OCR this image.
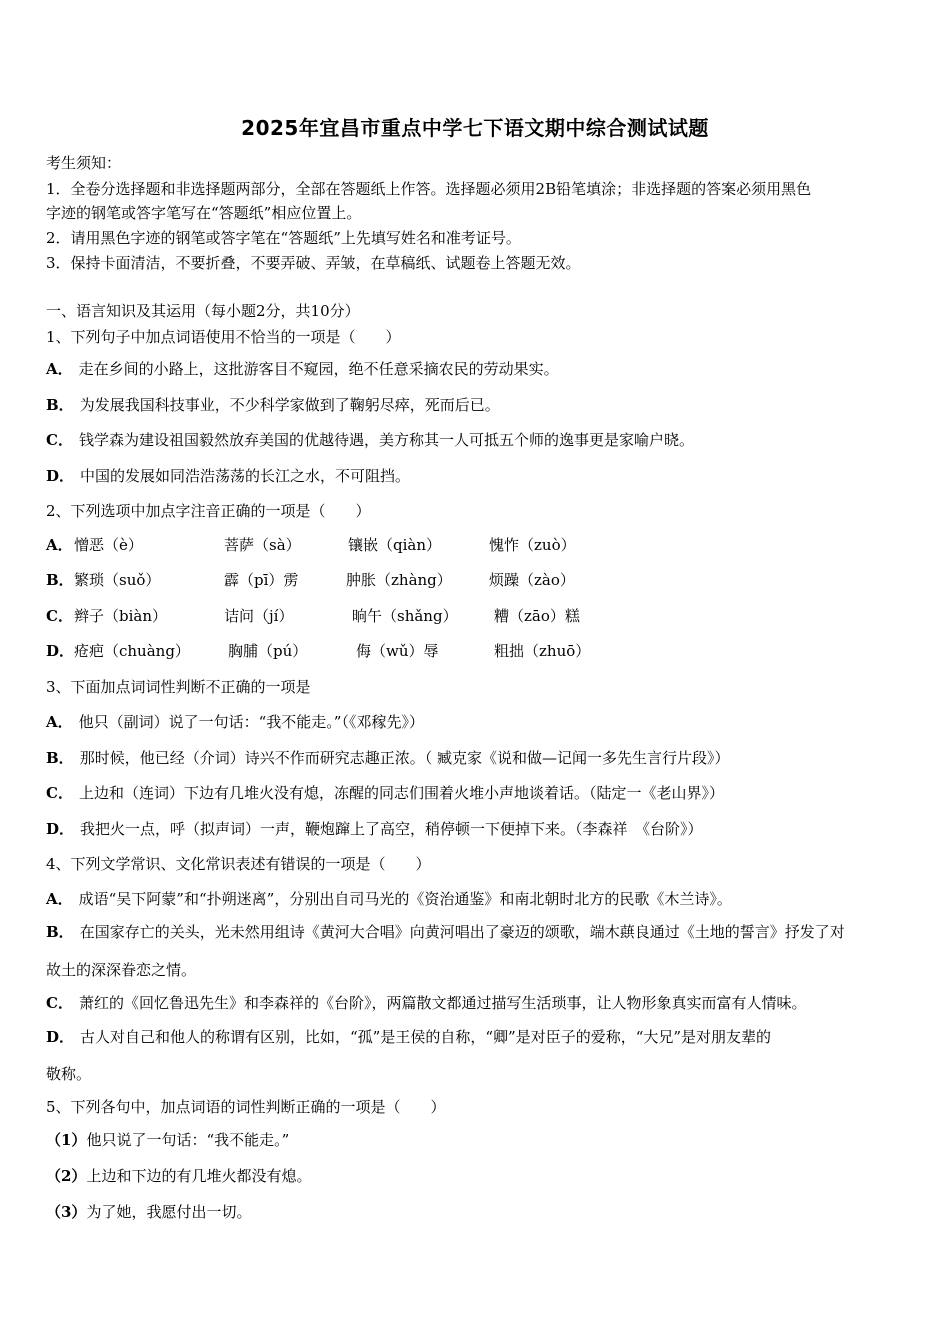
2025年宜昌市重点中学七下语文期中综合测试试题
考生须知：
1．全卷分选择题和非选择题两部分，全部在答题纸上作答。选择题必须用2B铅笔填涂；非选择题的答案必须用黑色
字迹的钢笔或答字笔写在“答题纸”相应位置上。
2．请用黑色字迹的钢笔或答字笔在“答题纸”上先填写姓名和准考证号。
3．保持卡面清洁，不要折叠，不要弄破、弄皱，在草稿纸、试题卷上答题无效。
一、语言知识及其运用（每小题2分，共10分）
1、下列句子中加点词语使用不恰当的一项是（　　）
A． 走在乡间的小路上，这批游客目不窥园，绝不任意采摘农民的劳动果实。
B． 为发展我国科技事业，不少科学家做到了鞠躬尽瘁，死而后已。
C． 钱学森为建设祖国毅然放弃美国的优越待遇，美方称其一人可抵五个师的逸事更是家喻户晓。
D． 中国的发展如同浩浩荡荡的长江之水，不可阻挡。
2、下列选项中加点字注音正确的一项是（　　）
A． 憎恶（è）	菩萨（sà）	镶嵌（qiàn）	愧怍（zuò）
B． 繁琐（suǒ）	霹（pī）雳	肿胀（zhàng） 烦躁（zào）
C． 辫子（biàn）	诘问（jí）	晌午（shǎng） 糟（zāo）糕
D． 疮疤（chuàng）	胸脯（pú）	侮（wǔ）辱	粗拙（zhuō）
3、下面加点词词性判断不正确的一项是
A． 他只（副词）说了一句话：“我不能走。”（《邓稼先》）
B． 那时候，他已经（介词）诗兴不作而研究志趣正浓。（ 臧克家《说和做—记闻一多先生言行片段》）
C． 上边和（连词）下边有几堆火没有熄，冻醒的同志们围着火堆小声地谈着话。（陆定一《老山界》）
D． 我把火一点，呼（拟声词）一声，鞭炮蹿上了高空，稍停顿一下便掉下来。（李森祥　《台阶》）
4、下列文学常识、文化常识表述有错误的一项是（　　）
A． 成语“吴下阿蒙”和“扑朔迷离”，分别出自司马光的《资治通鉴》和南北朝时北方的民歌《木兰诗》。
B． 在国家存亡的关头，光未然用组诗《黄河大合唱》向黄河唱出了豪迈的颂歌，端木蕻良通过《土地的誓言》抒发了对
故土的深深眷恋之情。
C． 萧红的《回忆鲁迅先生》和李森祥的《台阶》，两篇散文都通过描写生活琐事，让人物形象真实而富有人情味。
D． 古人对自己和他人的称谓有区别，比如，“孤”是王侯的自称，“卿”是对臣子的爱称，“大兄”是对朋友辈的
敬称。
5、下列各句中，加点词语的词性判断正确的一项是（　　）
（1）他只说了一句话：“我不能走。”
（2）上边和下边的有几堆火都没有熄。
（3）为了她，我愿付出一切。
